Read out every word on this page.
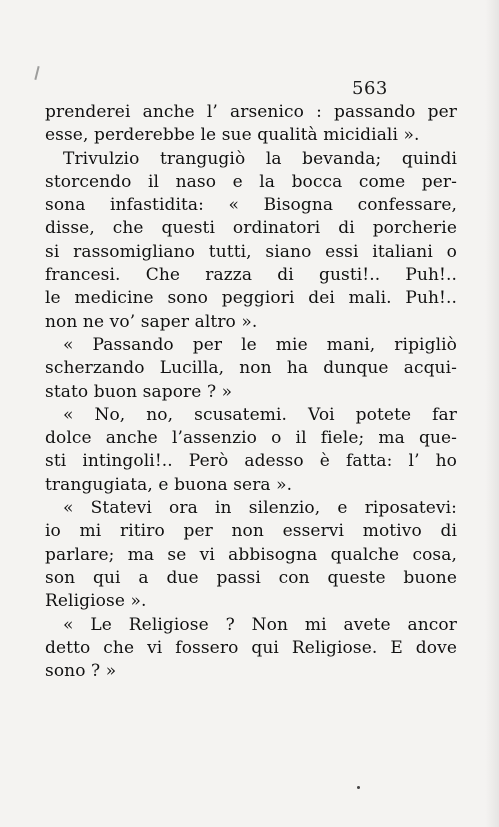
563
prenderei anche l’ arsenico : passando per
esse, perderebbe le sue qualità micidiali ».
Trivulzio trangugiò la bevanda; quindi
storcendo il naso e la bocca come per-
sona infastidita: « Bisogna confessare,
disse, che questi ordinatori di porcherie
si rassomigliano tutti, siano essi italiani o
francesi. Che razza di gusti!.. Puh!..
le medicine sono peggiori dei mali. Puh!..
non ne vo’ saper altro ».
« Passando per le mie mani, ripigliò
scherzando Lucilla, non ha dunque acqui-
stato buon sapore ? »
« No, no, scusatemi. Voi potete far
dolce anche l’assenzio o il fiele; ma que-
sti intingoli!.. Però adesso è fatta: l’ ho
trangugiata, e buona sera ».
« Statevi ora in silenzio, e riposatevi:
io mi ritiro per non esservi motivo di
parlare; ma se vi abbisogna qualche cosa,
son qui a due passi con queste buone
Religiose ».
« Le Religiose ? Non mi avete ancor
detto che vi fossero qui Religiose. E dove
sono ? »
